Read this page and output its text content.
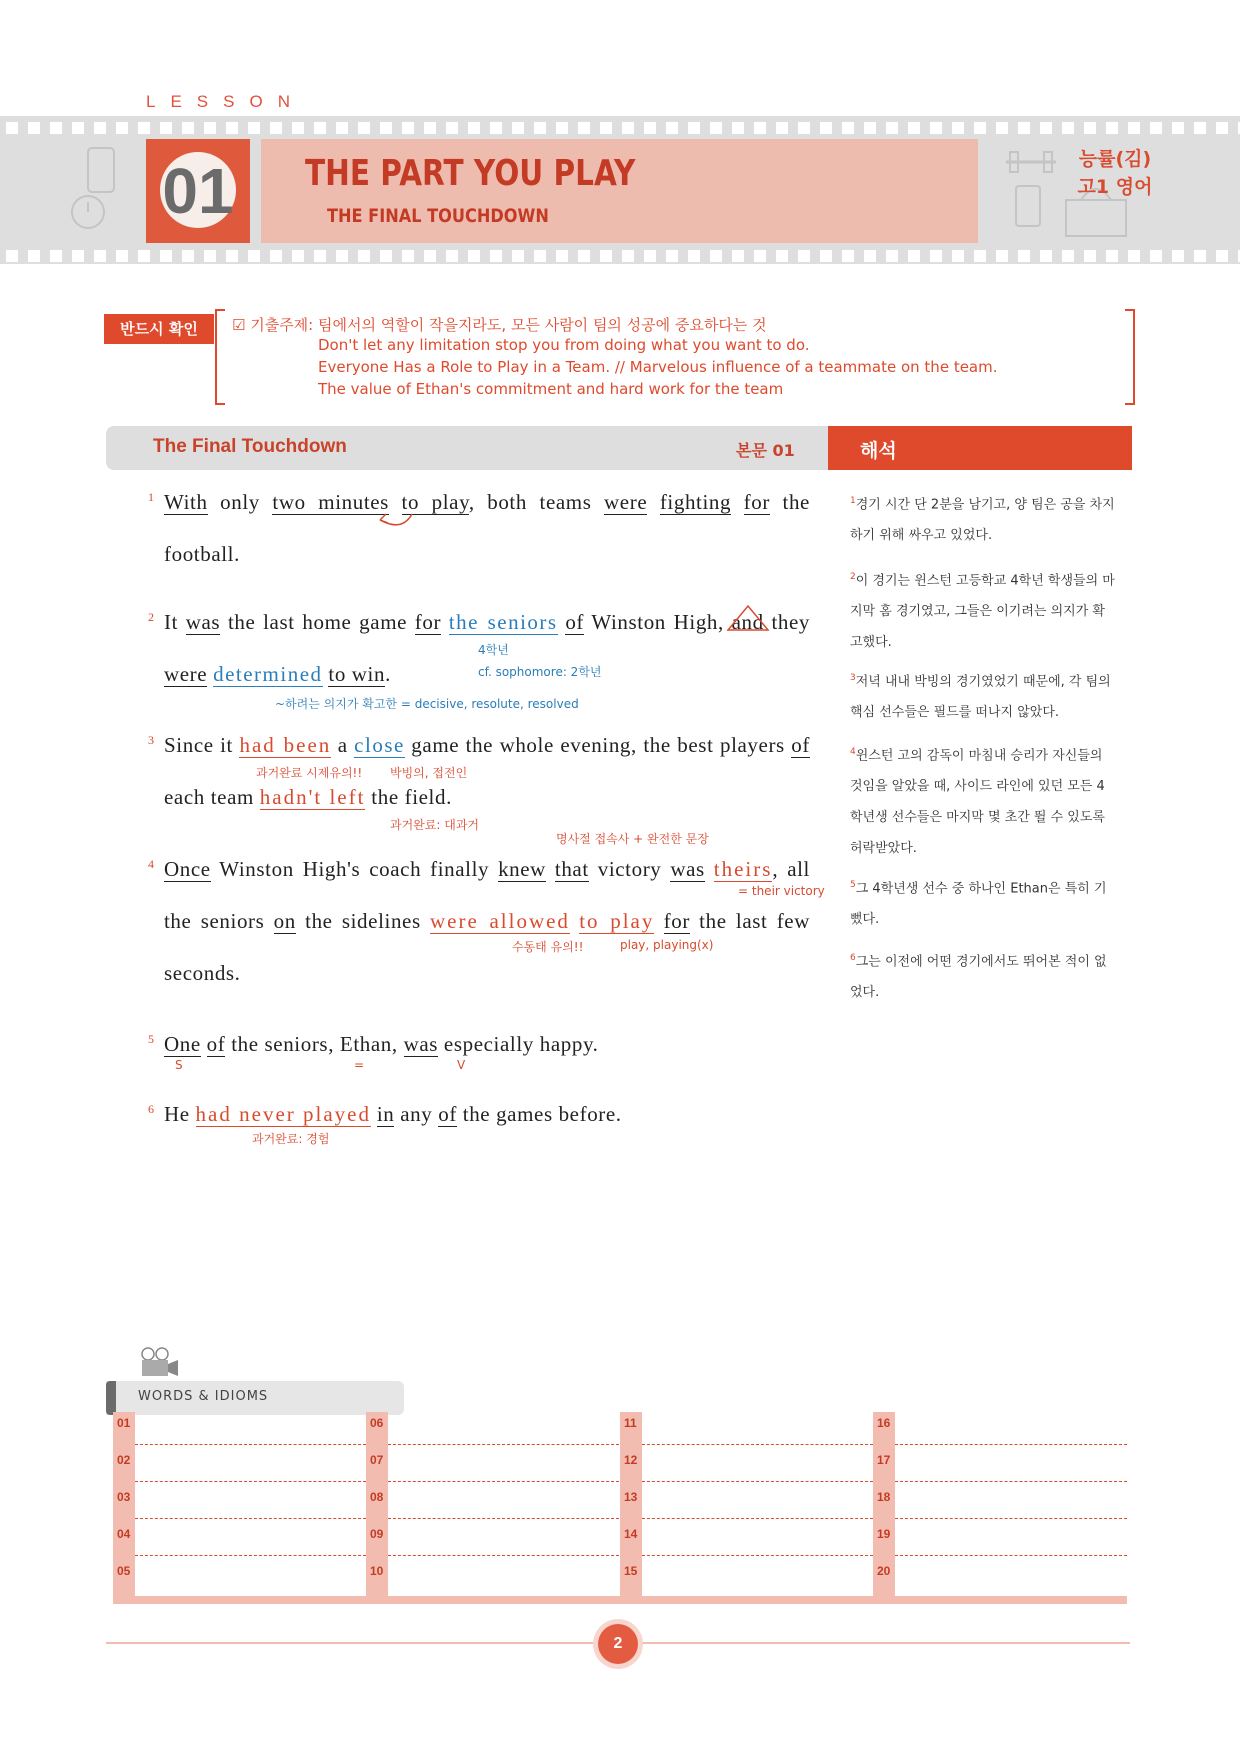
LESSON
01	THE PART YOU PLAY
THE FINAL TOUCHDOWN
능률(김)
고1 영어
반드시 확인	☑ 기출주제: 팀에서의 역할이 작을지라도, 모든 사람이 팀의 성공에 중요하다는 것
Don't let any limitation stop you from doing what you want to do.
Everyone Has a Role to Play in a Team. // Marvelous influence of a teammate on the team.
The value of Ethan's commitment and hard work for the team
The Final Touchdown	본문 01	해석
1 With only two minutes to play, both teams were fighting for the football.
2 It was the last home game for the seniors of Winston High,
and they were determined to win.
4학년
cf. sophomore: 2학년
~하려는 의지가 확고한 = decisive, resolute, resolved
3 Since it had been a close game the whole evening, the best players of each team hadn't left the field.
과거완료 시제유의!! 박빙의, 접전인
과거완료: 대과거
명사절 접속사 + 완전한 문장
4 Once Winston High's coach finally knew that victory was theirs, all the seniors on the sidelines were allowed to play for the last few seconds.
= their victory
수동태 유의!!	play, playing(x)
5 One of the seniors, Ethan, was especially happy.
S	=	V
6 He had never played in any of the games before.
과거완료: 경험
$^1$경기 시간 단 2분을 남기고, 양 팀은 공을 차지하기 위해 싸우고 있었다.
$^2$이 경기는 윈스턴 고등학교 4학년 학생들의 마지막 홈 경기였고, 그들은 이기려는 의지가 확고했다.
$^3$저녁 내내 박빙의 경기였었기 때문에, 각 팀의 핵심 선수들은 필드를 떠나지 않았다.
$^4$윈스턴 고의 감독이 마침내 승리가 자신들의 것임을 알았을 때, 사이드 라인에 있던 모든 4학년생 선수들은 마지막 몇 초간 뛸 수 있도록 허락받았다.
$^5$그 4학년생 선수 중 하나인 Ethan은 특히 기뻤다.
$^6$그는 이전에 어떤 경기에서도 뛰어본 적이 없었다.
WORDS & IDIOMS
01
02
03
04
05
06
07
08
09
10
11
12
13
14
15
16
17
18
19
20
2
